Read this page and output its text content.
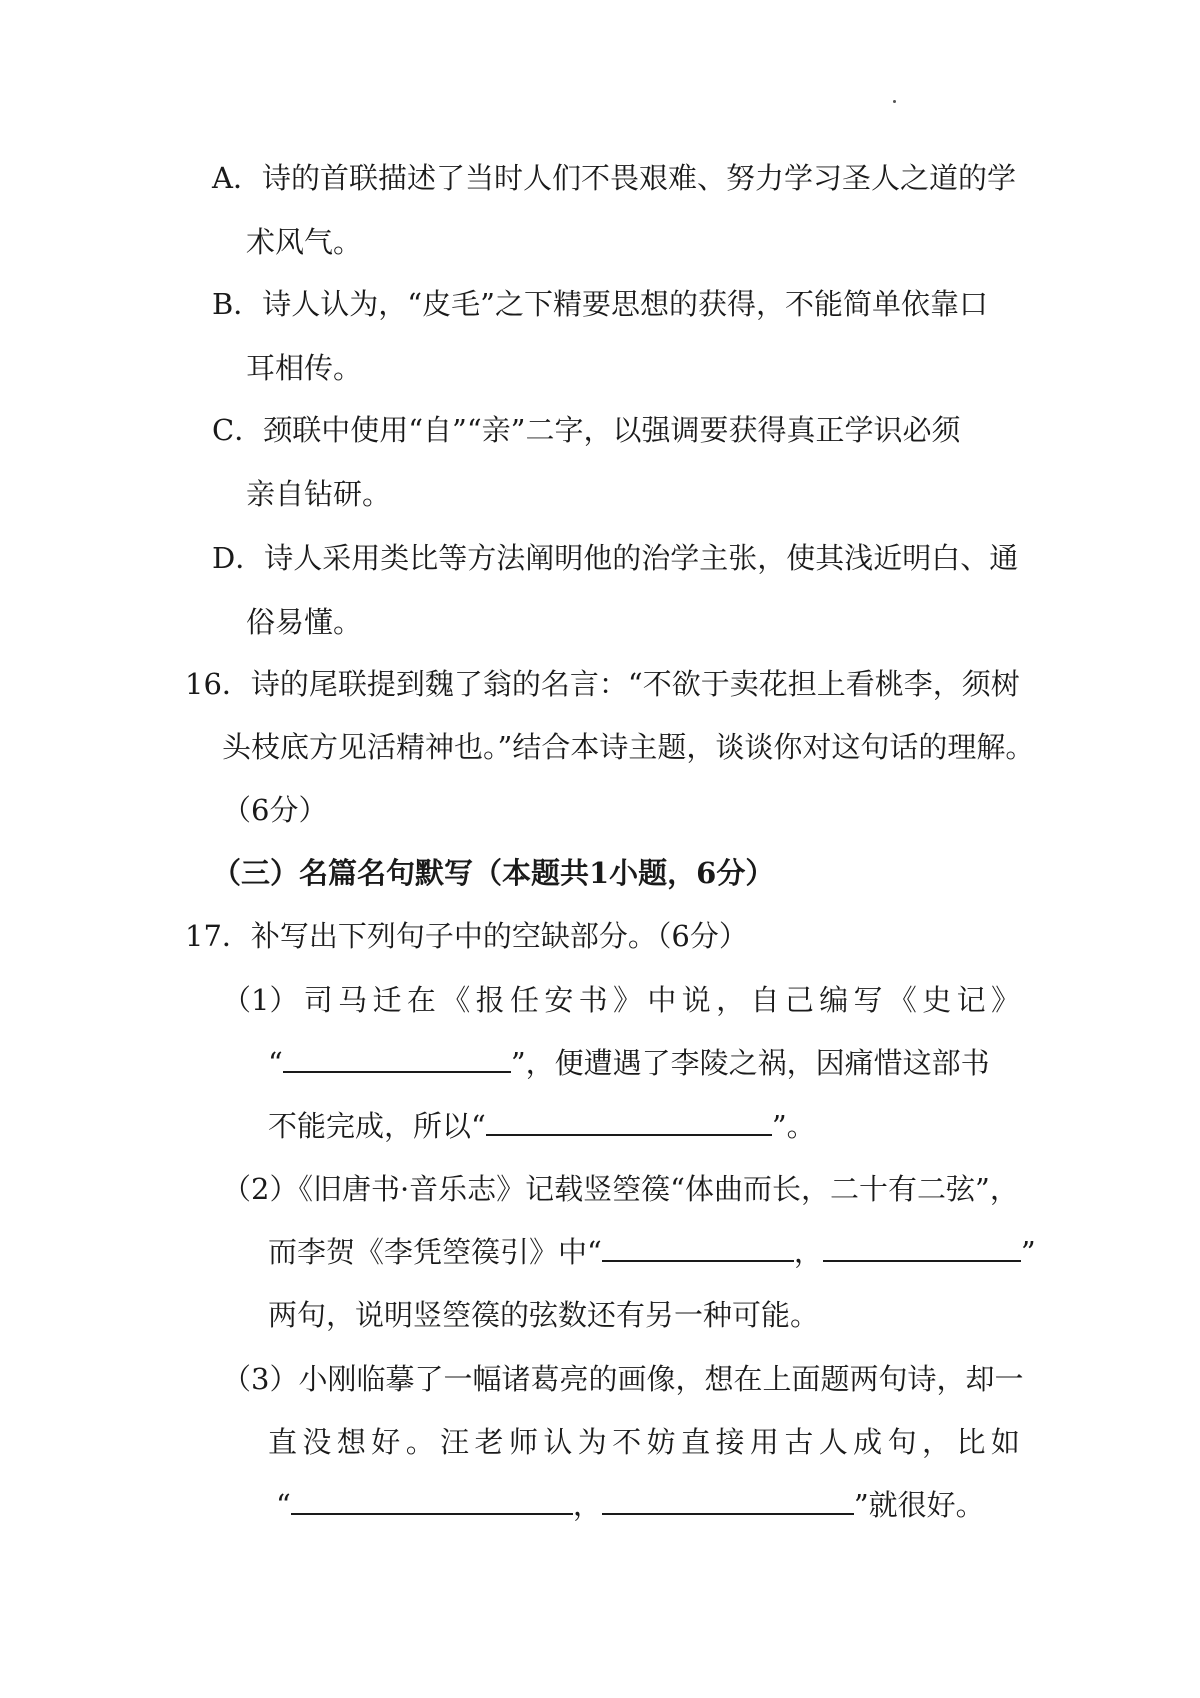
A．诗的首联描述了当时人们不畏艰难、努力学习圣人之道的学
术风气。
B．诗人认为，“皮毛”之下精要思想的获得，不能简单依靠口
耳相传。
C．颈联中使用“自”“亲”二字，以强调要获得真正学识必须
亲自钻研。
D．诗人采用类比等方法阐明他的治学主张，使其浅近明白、通
俗易懂。
16．诗的尾联提到魏了翁的名言：“不欲于卖花担上看桃李，须树
头枝底方见活精神也。”结合本诗主题，谈谈你对这句话的理解。
（6分）
（三）名篇名句默写（本题共1小题，6分）
17．补写出下列句子中的空缺部分。（6分）
（1） 司 马 迁 在 《 报 任 安 书 》 中 说 ， 自 己 编 写 《 史 记 》
“	”，便遭遇了李陵之祸，因痛惜这部书
不能完成，所以“	”。
（2）《旧唐书·音乐志》记载竖箜篌“体曲而长，二十有二弦”，
而李贺《李凭箜篌引》中“	，	”
两句，说明竖箜篌的弦数还有另一种可能。
（3）小刚临摹了一幅诸葛亮的画像，想在上面题两句诗，却一
直 没 想 好 。 汪 老 师 认 为 不 妨 直 接 用 古 人 成 句 ， 比 如
“	，	”就很好。
